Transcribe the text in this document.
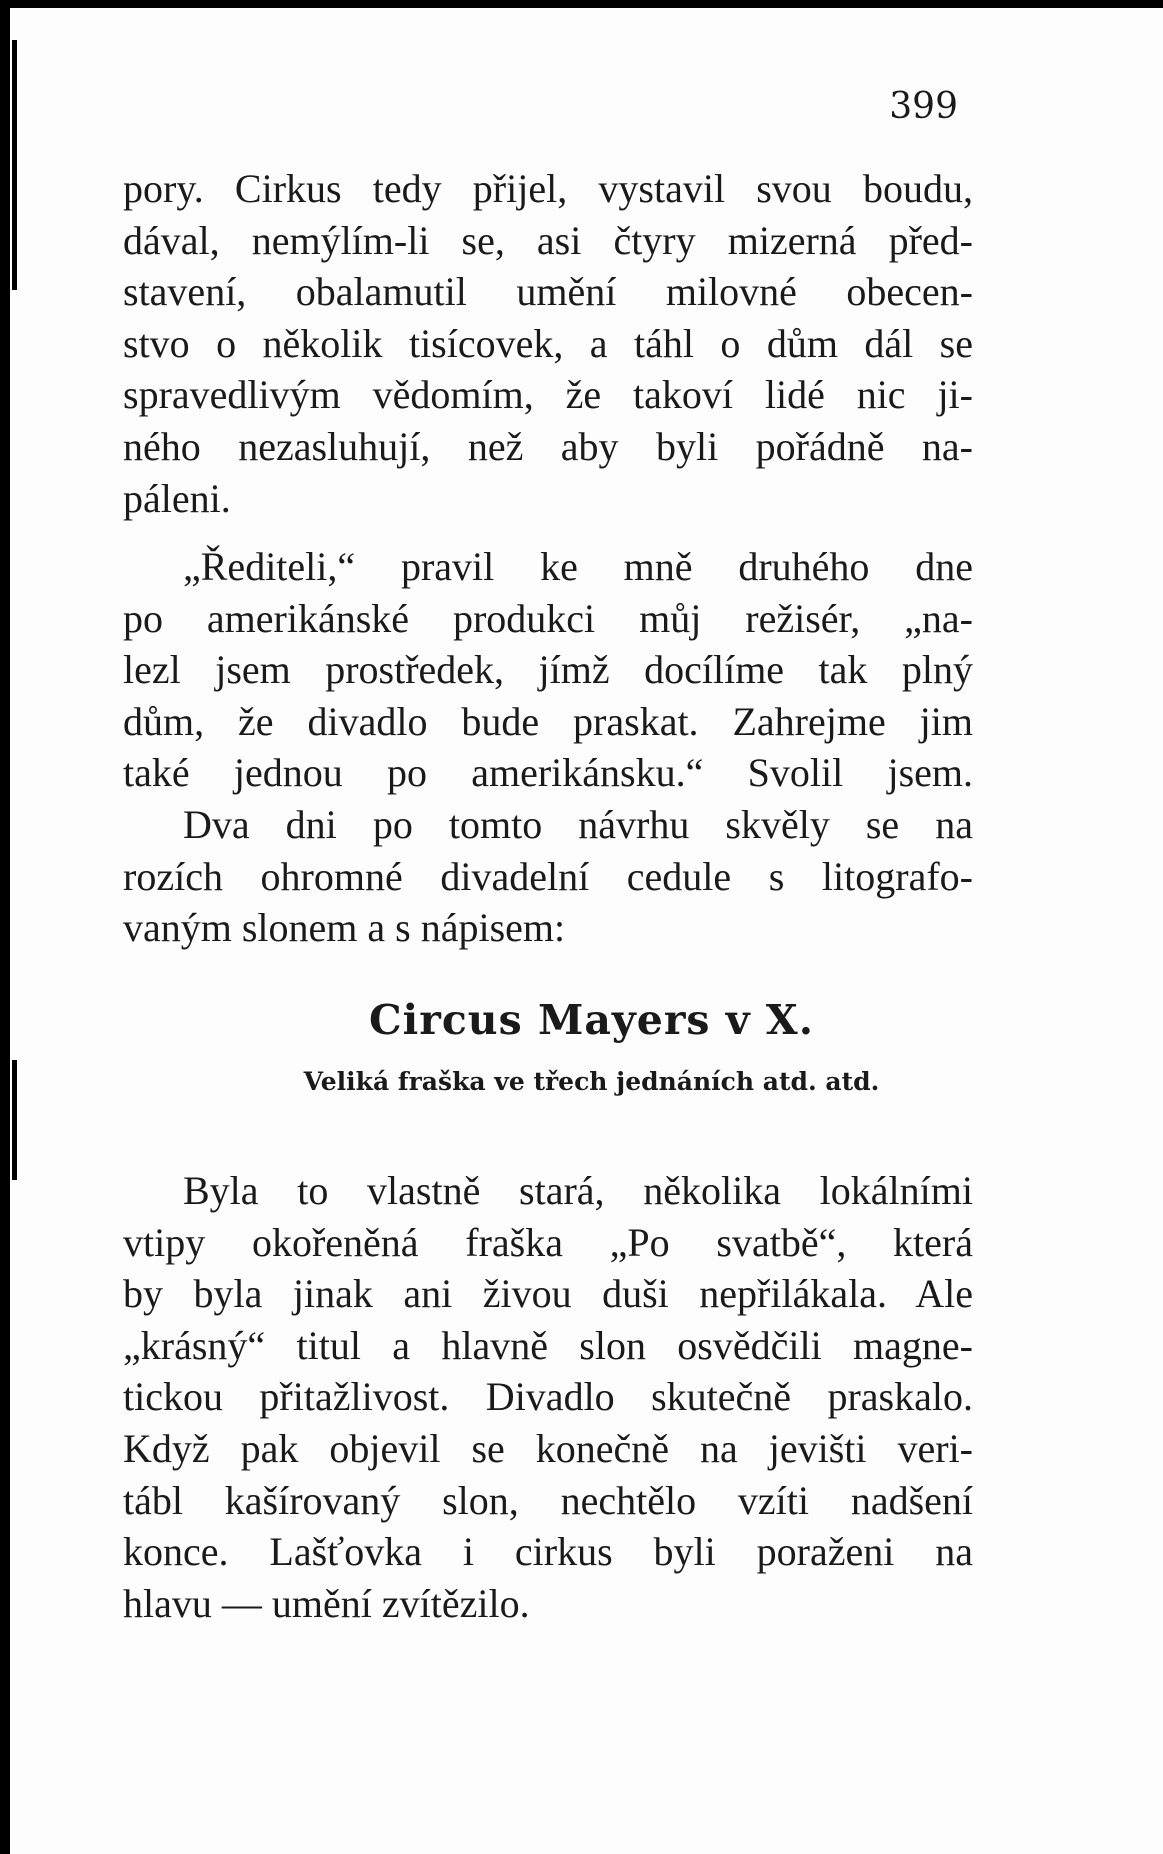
399

pory. Cirkus tedy přijel, vystavil svou boudu,
dával, nemýlím-li se, asi čtyry mizerná před-
stavení, obalamutil umění milovné obecen-
stvo o několik tisícovek, a táhl o dům dál se
spravedlivým vědomím, že takoví lidé nic ji-
ného nezasluhují, než aby byli pořádně na-
páleni.

„Řediteli,“ pravil ke mně druhého dne
po amerikánské produkci můj režisér, „na-
lezl jsem prostředek, jímž docílíme tak plný
dům, že divadlo bude praskat. Zahrejme jim
také jednou po amerikánsku.“ Svolil jsem.
Dva dni po tomto návrhu skvěly se na
rozích ohromné divadelní cedule s litografo-
vaným slonem a s nápisem:

Circus Mayers v X.
Veliká fraška ve třech jednáních atd. atd.

Byla to vlastně stará, několika lokálními
vtipy okořeněná fraška „Po svatbě“, která
by byla jinak ani živou duši nepřilákala. Ale
„krásný“ titul a hlavně slon osvědčili magne-
tickou přitažlivost. Divadlo skutečně praskalo.
Když pak objevil se konečně na jevišti veri-
tábl kašírovaný slon, nechtělo vzíti nadšení
konce. Lašťovka i cirkus byli poraženi na
hlavu — umění zvítězilo.
